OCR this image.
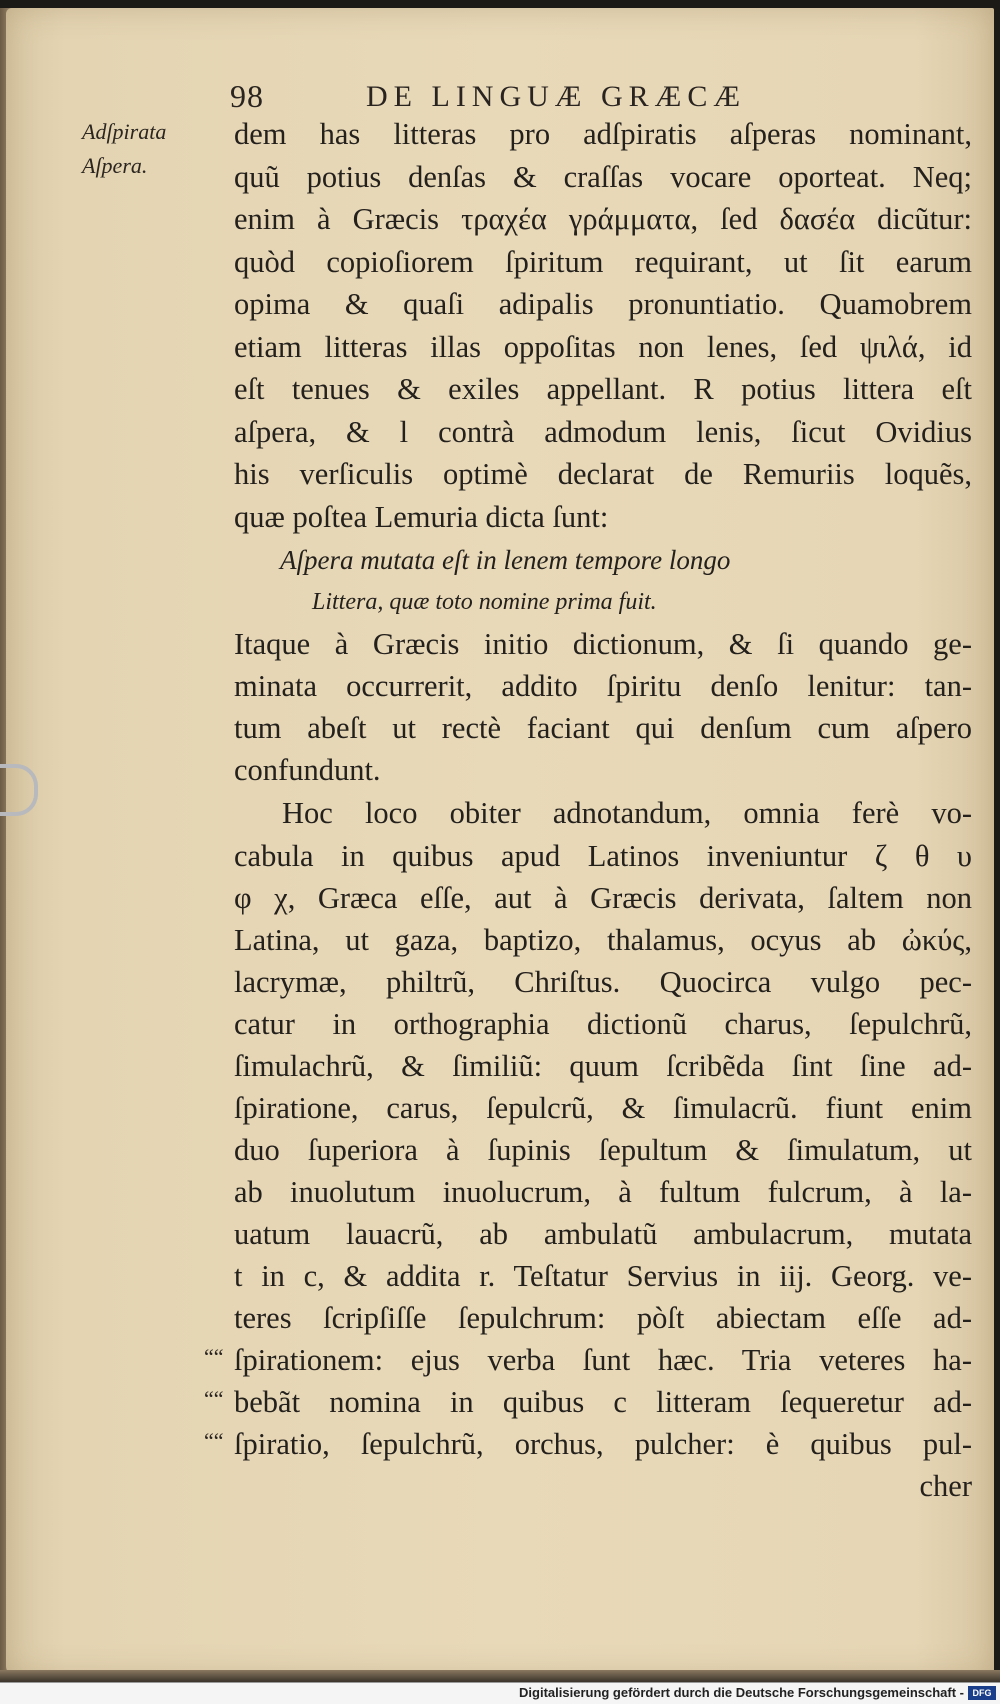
98	DE LINGUÆ GRÆCÆ
Adſpirata
Aſpera.
dem has litteras pro adſpiratis aſperas nominant,
quũ potius denſas & craſſas vocare oporteat. Neq;
enim à Græcis τραχέα γράμματα, ſed δασέα dicũtur:
quòd copioſiorem ſpiritum requirant, ut ſit earum
opima & quaſi adipalis pronuntiatio. Quamobrem
etiam litteras illas oppoſitas non lenes, ſed ψιλά, id
eſt tenues & exiles appellant. R potius littera eſt
aſpera, & l contrà admodum lenis, ſicut Ovidius
his verſiculis optimè declarat de Remuriis loquẽs,
quæ poſtea Lemuria dicta ſunt:
Aſpera mutata eſt in lenem tempore longo
Littera, quæ toto nomine prima fuit.
Itaque à Græcis initio dictionum, & ſi quando ge-
minata occurrerit, addito ſpiritu denſo lenitur: tan-
tum abeſt ut rectè faciant qui denſum cum aſpero
confundunt.
Hoc loco obiter adnotandum, omnia ferè vo-
cabula in quibus apud Latinos inveniuntur ζ θ υ
φ χ, Græca eſſe, aut à Græcis derivata, ſaltem non
Latina, ut gaza, baptizo, thalamus, ocyus ab ὠκύς,
lacrymæ, philtrũ, Chriſtus. Quocirca vulgo pec-
catur in orthographia dictionũ charus, ſepulchrũ,
ſimulachrũ, & ſimiliũ: quum ſcribẽda ſint ſine ad-
ſpiratione, carus, ſepulcrũ, & ſimulacrũ. fiunt enim
duo ſuperiora à ſupinis ſepultum & ſimulatum, ut
ab inuolutum inuolucrum, à fultum fulcrum, à la-
uatum lauacrũ, ab ambulatũ ambulacrum, mutata
t in c, & addita r. Teſtatur Servius in iij. Georg. ve-
teres ſcripſiſſe ſepulchrum: pòſt abiectam eſſe ad-
ſpirationem: ejus verba ſunt hæc. Tria veteres ha-
bebãt nomina in quibus c litteram ſequeretur ad-
ſpiratio, ſepulchrũ, orchus, pulcher: è quibus pul-
““
““
““
cher
Digitalisierung gefördert durch die Deutsche Forschungsgemeinschaft - DFG
